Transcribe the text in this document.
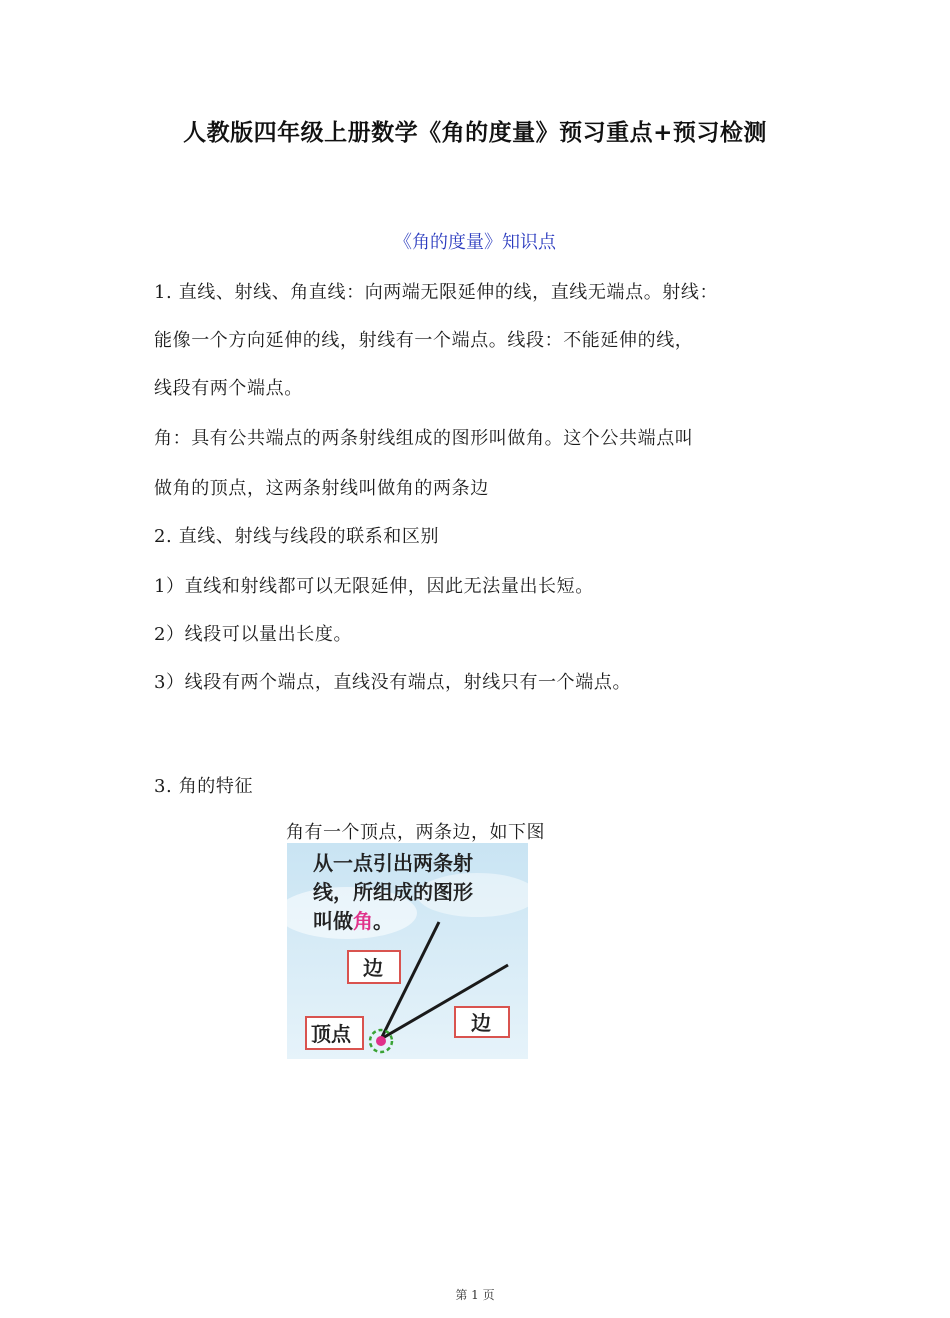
人教版四年级上册数学《角的度量》预习重点+预习检测
《角的度量》知识点
1. 直线、射线、角直线：向两端无限延伸的线，直线无端点。射线：
能像一个方向延伸的线，射线有一个端点。线段：不能延伸的线，
线段有两个端点。
角：具有公共端点的两条射线组成的图形叫做角。这个公共端点叫
做角的顶点，这两条射线叫做角的两条边
2. 直线、射线与线段的联系和区别
1）直线和射线都可以无限延伸，因此无法量出长短。
2）线段可以量出长度。
3）线段有两个端点，直线没有端点，射线只有一个端点。
3. 角的特征
角有一个顶点，两条边，如下图
从一点引出两条射
线，所组成的图形
叫做角。
边
边
顶点
第 1 页
